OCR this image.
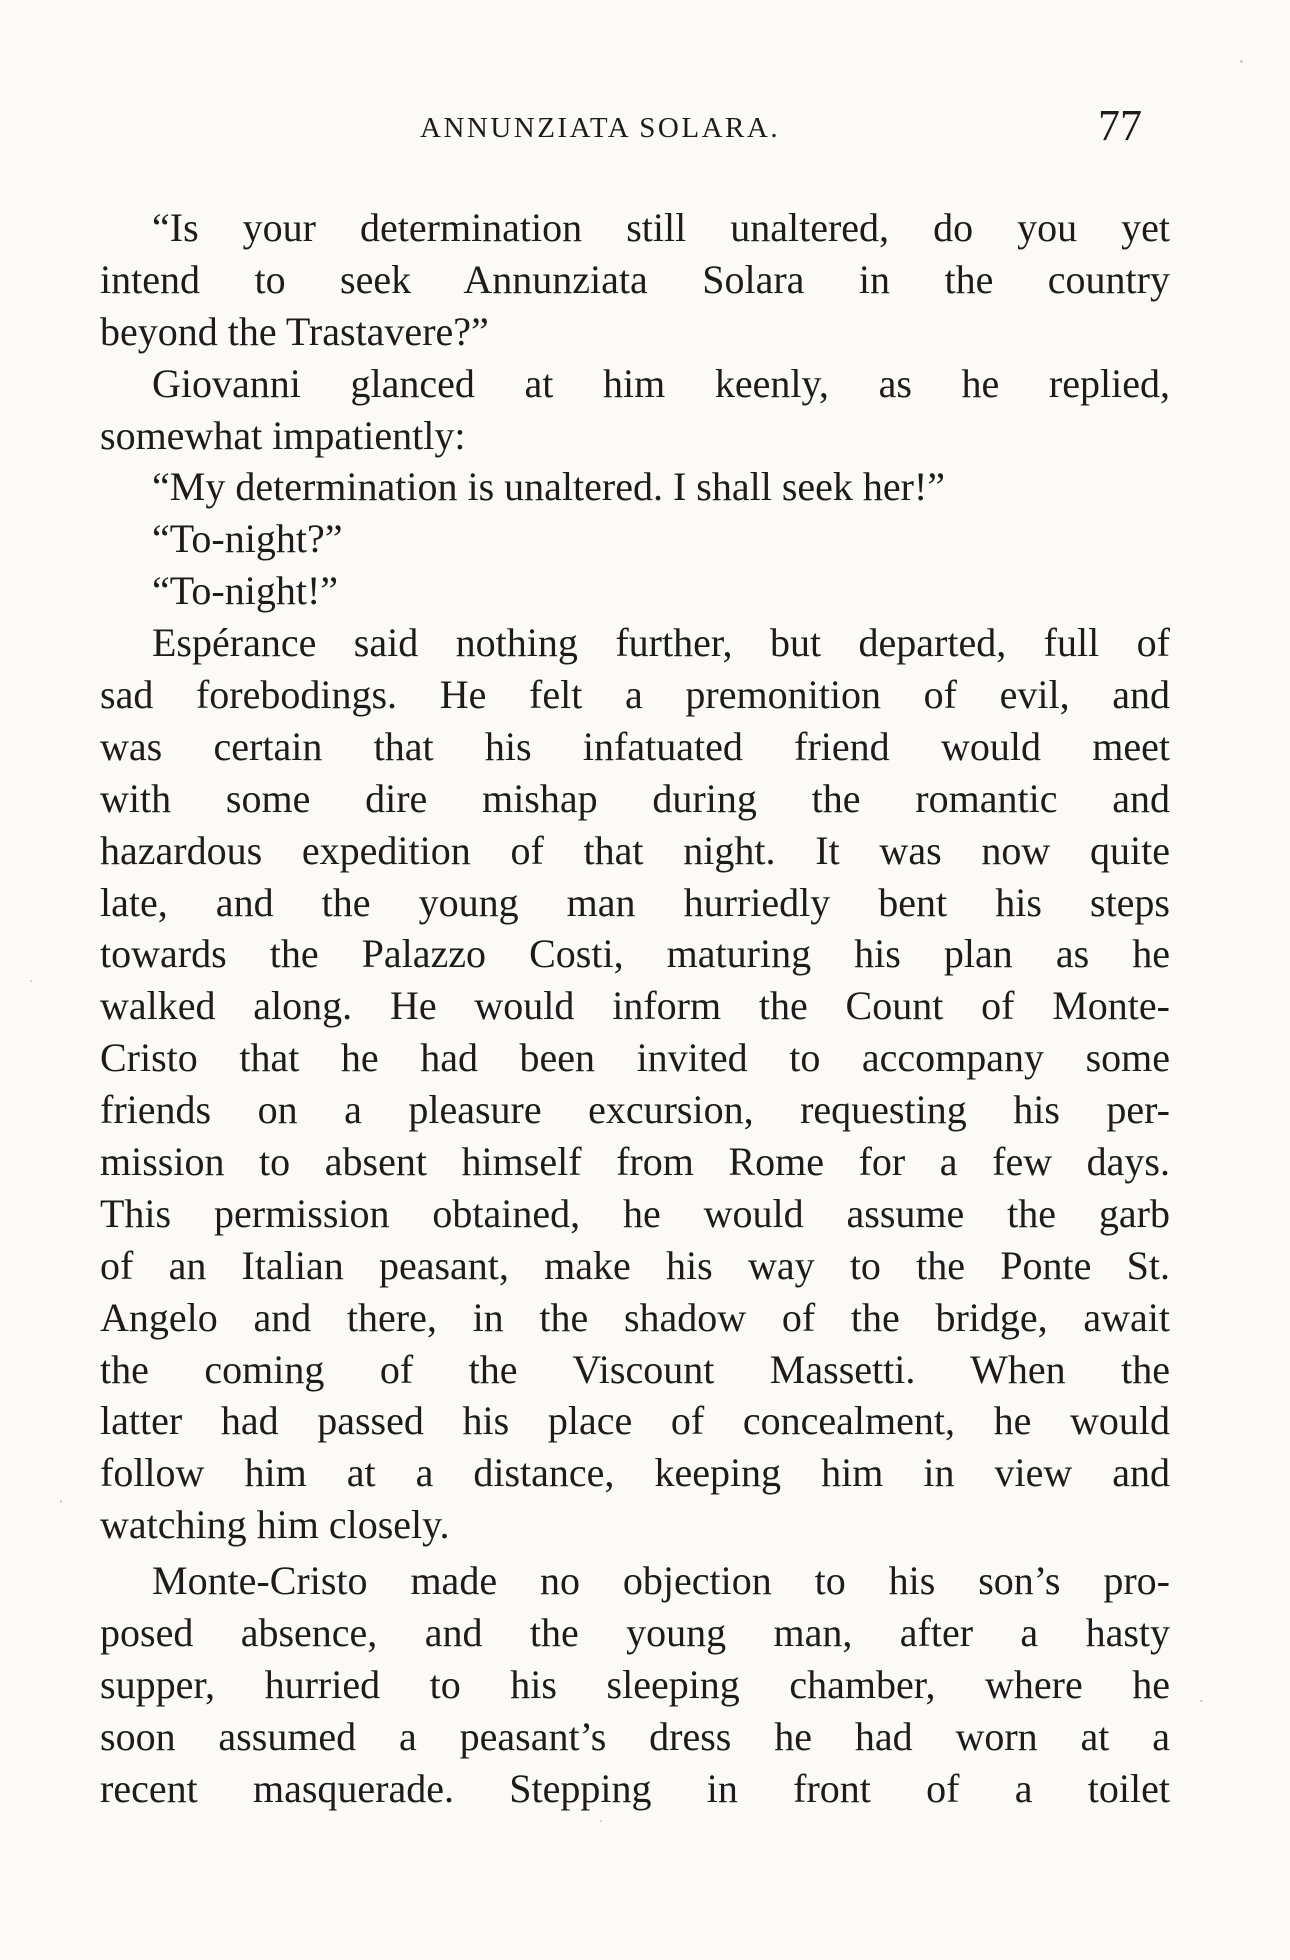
ANNUNZIATA SOLARA.	77
“Is your determination still unaltered, do you yet
intend to seek Annunziata Solara in the country
beyond the Trastavere?”
Giovanni glanced at him keenly, as he replied,
somewhat impatiently:
“My determination is unaltered. I shall seek her!”
“To-night?”
“To-night!”
Espérance said nothing further, but departed, full of
sad forebodings. He felt a premonition of evil, and
was certain that his infatuated friend would meet
with some dire mishap during the romantic and
hazardous expedition of that night. It was now quite
late, and the young man hurriedly bent his steps
towards the Palazzo Costi, maturing his plan as he
walked along. He would inform the Count of Monte-
Cristo that he had been invited to accompany some
friends on a pleasure excursion, requesting his per-
mission to absent himself from Rome for a few days.
This permission obtained, he would assume the garb
of an Italian peasant, make his way to the Ponte St.
Angelo and there, in the shadow of the bridge, await
the coming of the Viscount Massetti. When the
latter had passed his place of concealment, he would
follow him at a distance, keeping him in view and
watching him closely.
Monte-Cristo made no objection to his son’s pro-
posed absence, and the young man, after a hasty
supper, hurried to his sleeping chamber, where he
soon assumed a peasant’s dress he had worn at a
recent masquerade. Stepping in front of a toilet
